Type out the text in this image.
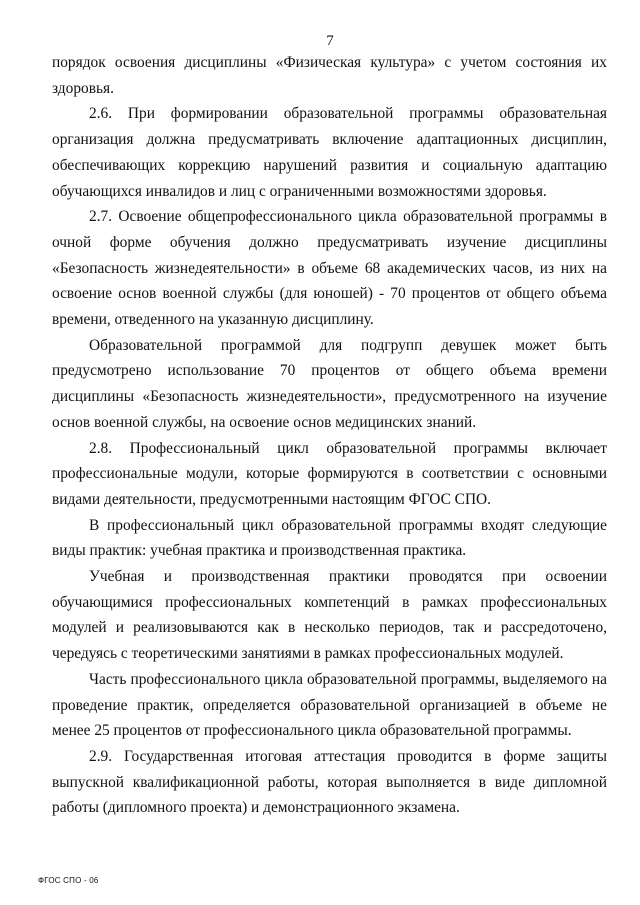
7

порядок освоения дисциплины «Физическая культура» с учетом состояния их здоровья.

2.6. При формировании образовательной программы образовательная организация должна предусматривать включение адаптационных дисциплин, обеспечивающих коррекцию нарушений развития и социальную адаптацию обучающихся инвалидов и лиц с ограниченными возможностями здоровья.

2.7. Освоение общепрофессионального цикла образовательной программы в очной форме обучения должно предусматривать изучение дисциплины «Безопасность жизнедеятельности» в объеме 68 академических часов, из них на освоение основ военной службы (для юношей) - 70 процентов от общего объема времени, отведенного на указанную дисциплину.

Образовательной программой для подгрупп девушек может быть предусмотрено использование 70 процентов от общего объема времени дисциплины «Безопасность жизнедеятельности», предусмотренного на изучение основ военной службы, на освоение основ медицинских знаний.

2.8. Профессиональный цикл образовательной программы включает профессиональные модули, которые формируются в соответствии с основными видами деятельности, предусмотренными настоящим ФГОС СПО.

В профессиональный цикл образовательной программы входят следующие виды практик: учебная практика и производственная практика.

Учебная и производственная практики проводятся при освоении обучающимися профессиональных компетенций в рамках профессиональных модулей и реализовываются как в несколько периодов, так и рассредоточено, чередуясь с теоретическими занятиями в рамках профессиональных модулей.

Часть профессионального цикла образовательной программы, выделяемого на проведение практик, определяется образовательной организацией в объеме не менее 25 процентов от профессионального цикла образовательной программы.

2.9. Государственная итоговая аттестация проводится в форме защиты выпускной квалификационной работы, которая выполняется в виде дипломной работы (дипломного проекта) и демонстрационного экзамена.

ФГОС СПО - 06
